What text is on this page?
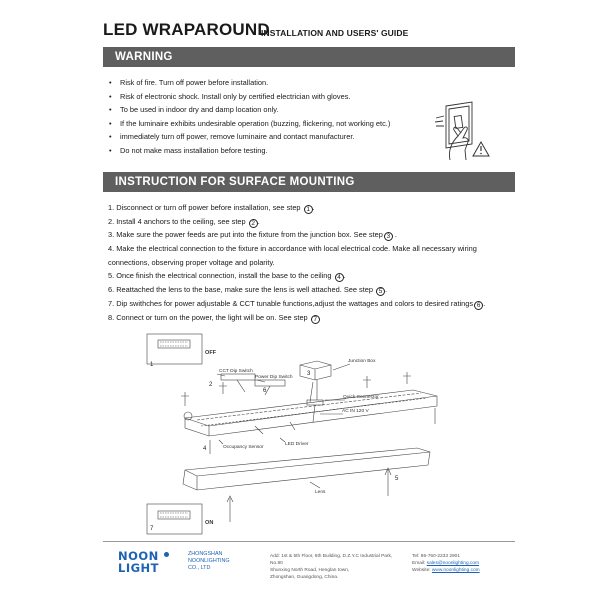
LED WRAPAROUND
INSTALLATION AND USERS' GUIDE
WARNING
• Risk of fire. Turn off power before installation.
• Risk of electronic shock. Install only by certified electrician with gloves.
• To be used in indoor dry and damp location only.
• If the luminaire exhibits undesirable operation (buzzing, flickering, not working etc.)
• immediately turn off power, remove luminaire and contact manufacturer.
• Do not make mass installation before testing.
INSTRUCTION FOR SURFACE MOUNTING
1. Disconnect or turn off power before installation, see step 1 .
2. Install 4 anchors to the ceiling, see step 2 .
3. Make sure the power feeds are put into the fixture from the junction box. See step 3 .
4. Make the electrical connection to the fixture in accordance with local electrical code. Make all necessary wiring
connections, observing proper voltage and polarity.
5. Once finish the electrical connection, install the base to the ceiling 4 .
6. Reattached the lens to the base, make sure the lens is well attached. See step 5 .
7. Dip swithches for power adjustable & CCT tunable functions,adjust the wattages and colors to desired ratings 6 .
8. Connect or turn on the power, the light will be on. See step 7
OFF
ON
CCT Dip Switch
Power Dip Switch
Junction Box
Quick Connector
AC IN 120 V
Occupancy Sensor
LED Driver
Lens
1
2
3
4
5
6
7
NOON
LIGHT
ZHONGSHAN
NOONLIGHTING
CO., LTD
Add: 1st & 5th Floor, 6th Building, D.Z.Y.C Industrial Park, No.80
Shunxing North Road, Henglan town,
Zhongshan, Guangdong, China.
Tel: 86-760-2233 2901
Email: sales@noonlighting.com
Website: www.noonlighting.com
